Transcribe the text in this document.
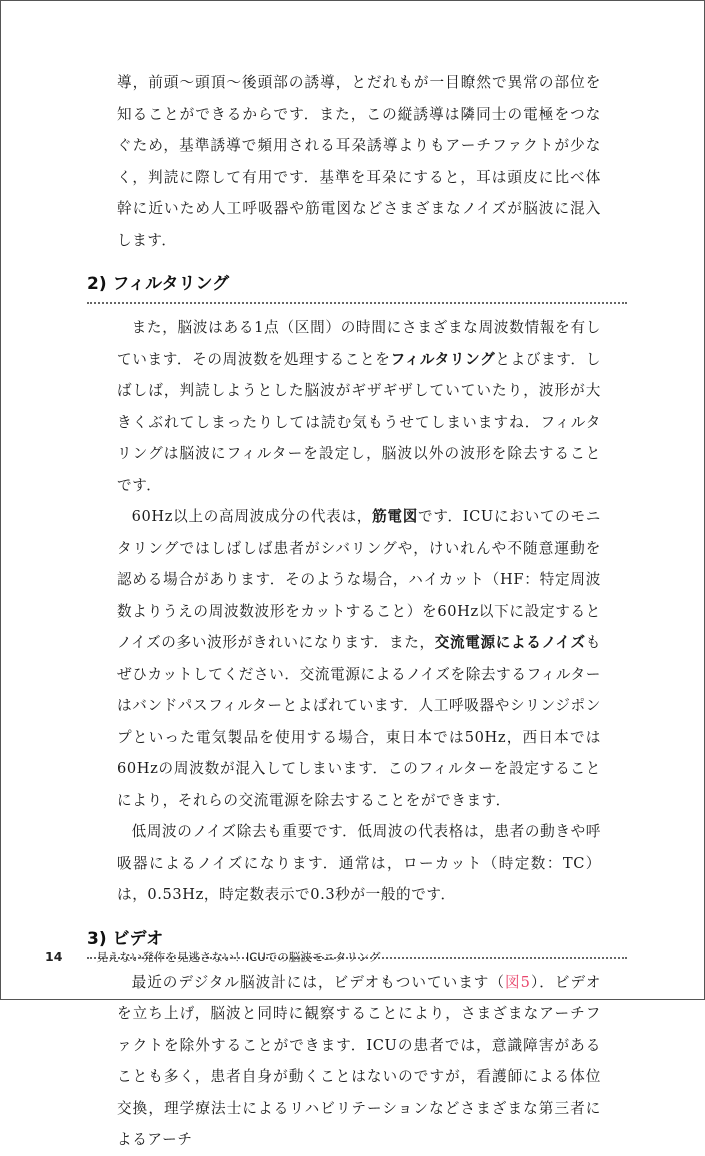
導，前頭〜頭頂〜後頭部の誘導，とだれもが一目瞭然で異常の部位を知ることができるからです．また，この縦誘導は隣同士の電極をつなぐため，基準誘導で頻用される耳朶誘導よりもアーチファクトが少なく，判読に際して有用です．基準を耳朶にすると，耳は頭皮に比べ体幹に近いため人工呼吸器や筋電図などさまざまなノイズが脳波に混入します．

2) フィルタリング

また，脳波はある1点（区間）の時間にさまざまな周波数情報を有しています．その周波数を処理することをフィルタリングとよびます．しばしば，判読しようとした脳波がギザギザしていていたり，波形が大きくぶれてしまったりしては読む気もうせてしまいますね．フィルタリングは脳波にフィルターを設定し，脳波以外の波形を除去することです．

60Hz以上の高周波成分の代表は，筋電図です．ICUにおいてのモニタリングではしばしば患者がシバリングや，けいれんや不随意運動を認める場合があります．そのような場合，ハイカット（HF：特定周波数よりうえの周波数波形をカットすること）を60Hz以下に設定するとノイズの多い波形がきれいになります．また，交流電源によるノイズもぜひカットしてください．交流電源によるノイズを除去するフィルターはバンドパスフィルターとよばれています．人工呼吸器やシリンジポンプといった電気製品を使用する場合，東日本では50Hz，西日本では60Hzの周波数が混入してしまいます．このフィルターを設定することにより，それらの交流電源を除去することをができます．

低周波のノイズ除去も重要です．低周波の代表格は，患者の動きや呼吸器によるノイズになります．通常は，ローカット（時定数：TC）は，0.53Hz，時定数表示で0.3秒が一般的です．

3) ビデオ

最近のデジタル脳波計には，ビデオもついています（図5）．ビデオを立ち上げ，脳波と同時に観察することにより，さまざまなアーチファクトを除外することができます．ICUの患者では，意識障害があることも多く，患者自身が動くことはないのですが，看護師による体位交換，理学療法士によるリハビリテーションなどさまざまな第三者によるアーチ

14	見えない発作を見逃さない！ICUでの脳波モニタリング
